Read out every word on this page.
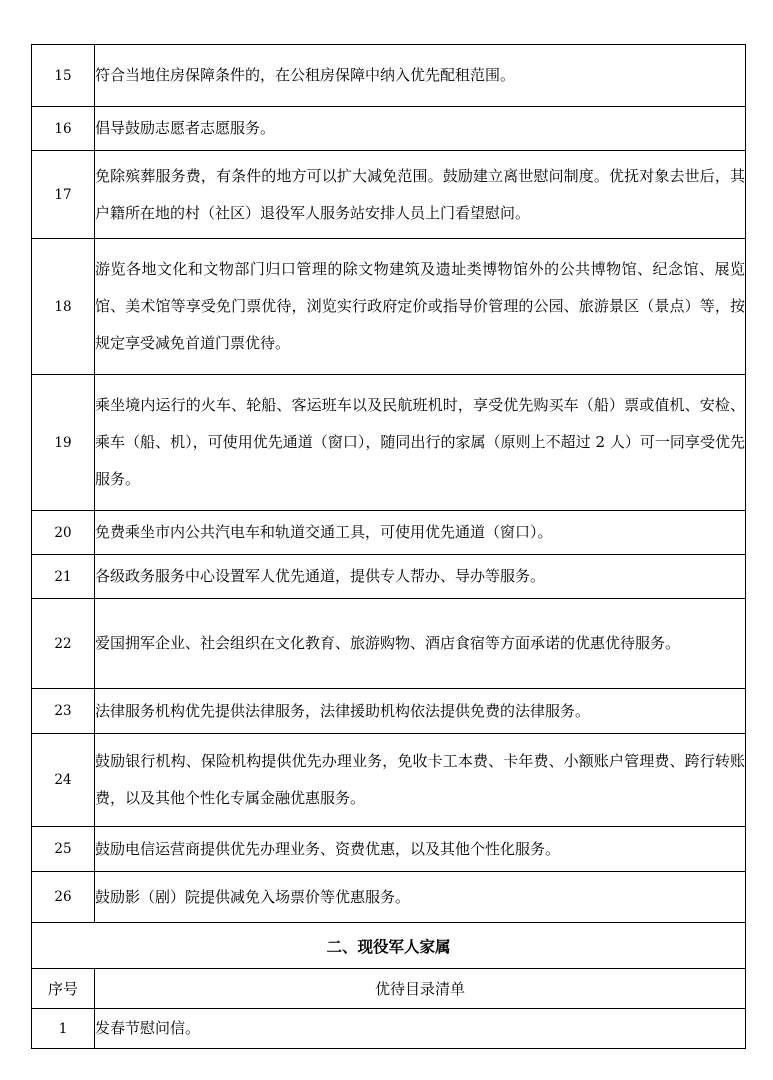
15	符合当地住房保障条件的，在公租房保障中纳入优先配租范围。
16	倡导鼓励志愿者志愿服务。
17	免除殡葬服务费，有条件的地方可以扩大减免范围。鼓励建立离世慰问制度。优抚对象去世后，其户籍所在地的村（社区）退役军人服务站安排人员上门看望慰问。
18	游览各地文化和文物部门归口管理的除文物建筑及遗址类博物馆外的公共博物馆、纪念馆、展览馆、美术馆等享受免门票优待，浏览实行政府定价或指导价管理的公园、旅游景区（景点）等，按规定享受减免首道门票优待。
19	乘坐境内运行的火车、轮船、客运班车以及民航班机时，享受优先购买车（船）票或值机、安检、乘车（船、机），可使用优先通道（窗口），随同出行的家属（原则上不超过 2 人）可一同享受优先服务。
20	免费乘坐市内公共汽电车和轨道交通工具，可使用优先通道（窗口）。
21	各级政务服务中心设置军人优先通道，提供专人帮办、导办等服务。
22	爱国拥军企业、社会组织在文化教育、旅游购物、酒店食宿等方面承诺的优惠优待服务。
23	法律服务机构优先提供法律服务，法律援助机构依法提供免费的法律服务。
24	鼓励银行机构、保险机构提供优先办理业务，免收卡工本费、卡年费、小额账户管理费、跨行转账费，以及其他个性化专属金融优惠服务。
25	鼓励电信运营商提供优先办理业务、资费优惠，以及其他个性化服务。
26	鼓励影（剧）院提供减免入场票价等优惠服务。
二、现役军人家属	
序号	优待目录清单
1	发春节慰问信。
